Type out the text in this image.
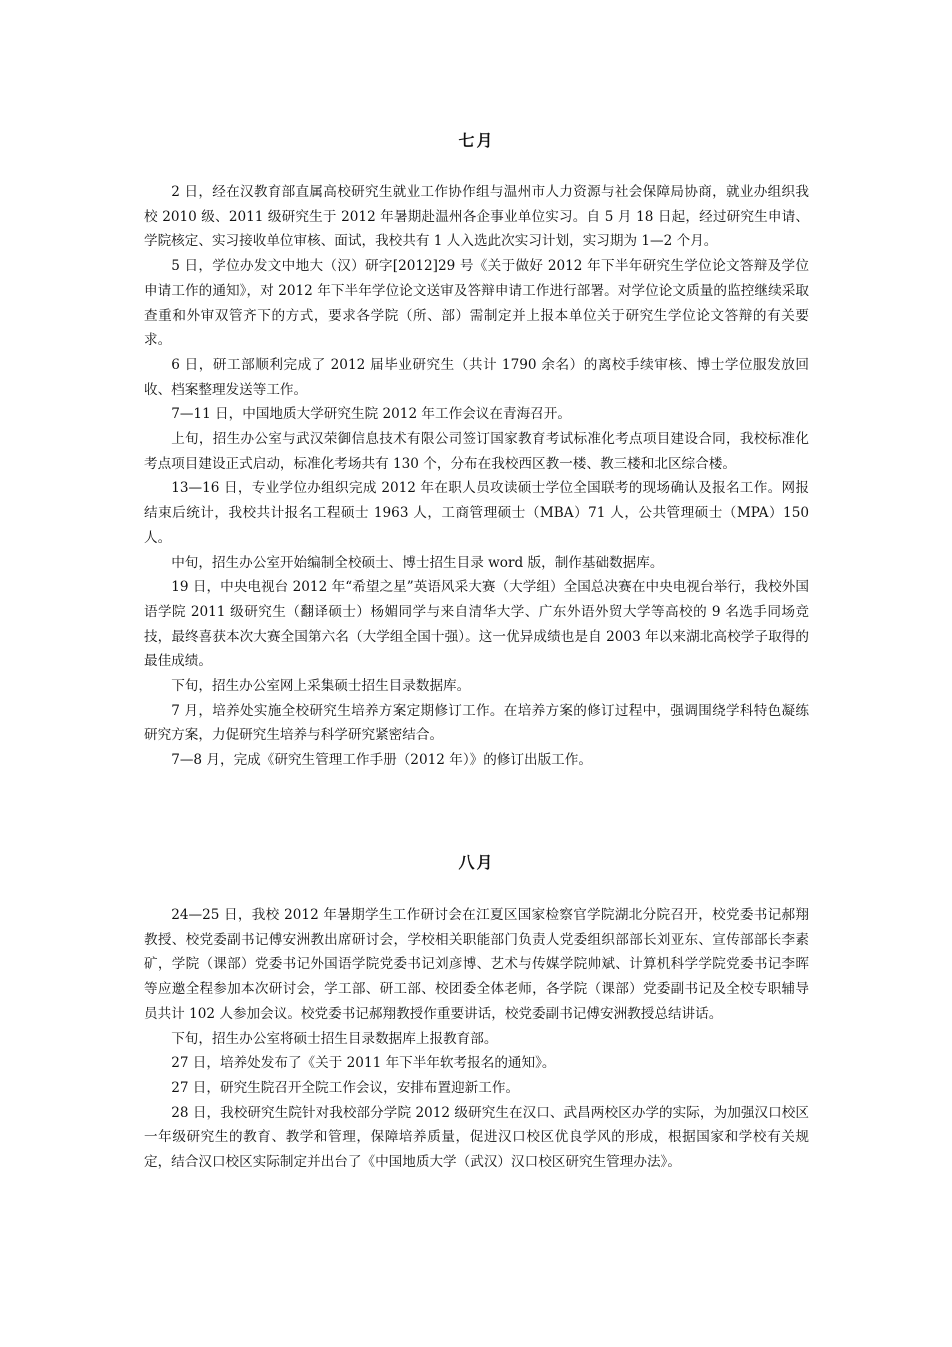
七月

2 日，经在汉教育部直属高校研究生就业工作协作组与温州市人力资源与社会保障局协商，就业办组织我校 2010 级、2011 级研究生于 2012 年暑期赴温州各企事业单位实习。自 5 月 18 日起，经过研究生申请、学院核定、实习接收单位审核、面试，我校共有 1 人入选此次实习计划，实习期为 1—2 个月。

5 日，学位办发文中地大（汉）研字[2012]29 号《关于做好 2012 年下半年研究生学位论文答辩及学位申请工作的通知》，对 2012 年下半年学位论文送审及答辩申请工作进行部署。对学位论文质量的监控继续采取查重和外审双管齐下的方式，要求各学院（所、部）需制定并上报本单位关于研究生学位论文答辩的有关要求。

6 日，研工部顺利完成了 2012 届毕业研究生（共计 1790 余名）的离校手续审核、博士学位服发放回收、档案整理发送等工作。

7—11 日，中国地质大学研究生院 2012 年工作会议在青海召开。

上旬，招生办公室与武汉荣御信息技术有限公司签订国家教育考试标准化考点项目建设合同，我校标准化考点项目建设正式启动，标准化考场共有 130 个，分布在我校西区教一楼、教三楼和北区综合楼。

13—16 日，专业学位办组织完成 2012 年在职人员攻读硕士学位全国联考的现场确认及报名工作。网报结束后统计，我校共计报名工程硕士 1963 人，工商管理硕士（MBA）71 人，公共管理硕士（MPA）150 人。

中旬，招生办公室开始编制全校硕士、博士招生目录 word 版，制作基础数据库。

19 日，中央电视台 2012 年“希望之星”英语风采大赛（大学组）全国总决赛在中央电视台举行，我校外国语学院 2011 级研究生（翻译硕士）杨媚同学与来自清华大学、广东外语外贸大学等高校的 9 名选手同场竞技，最终喜获本次大赛全国第六名（大学组全国十强）。这一优异成绩也是自 2003 年以来湖北高校学子取得的最佳成绩。

下旬，招生办公室网上采集硕士招生目录数据库。

7 月，培养处实施全校研究生培养方案定期修订工作。在培养方案的修订过程中，强调围绕学科特色凝练研究方案，力促研究生培养与科学研究紧密结合。

7—8 月，完成《研究生管理工作手册（2012 年）》的修订出版工作。

八月

24—25 日，我校 2012 年暑期学生工作研讨会在江夏区国家检察官学院湖北分院召开，校党委书记郝翔教授、校党委副书记傅安洲教出席研讨会，学校相关职能部门负责人党委组织部部长刘亚东、宣传部部长李素矿，学院（课部）党委书记外国语学院党委书记刘彦博、艺术与传媒学院帅斌、计算机科学学院党委书记李晖等应邀全程参加本次研讨会，学工部、研工部、校团委全体老师，各学院（课部）党委副书记及全校专职辅导员共计 102 人参加会议。校党委书记郝翔教授作重要讲话，校党委副书记傅安洲教授总结讲话。

下旬，招生办公室将硕士招生目录数据库上报教育部。

27 日，培养处发布了《关于 2011 年下半年软考报名的通知》。

27 日，研究生院召开全院工作会议，安排布置迎新工作。

28 日，我校研究生院针对我校部分学院 2012 级研究生在汉口、武昌两校区办学的实际，为加强汉口校区一年级研究生的教育、教学和管理，保障培养质量，促进汉口校区优良学风的形成，根据国家和学校有关规定，结合汉口校区实际制定并出台了《中国地质大学（武汉）汉口校区研究生管理办法》。
